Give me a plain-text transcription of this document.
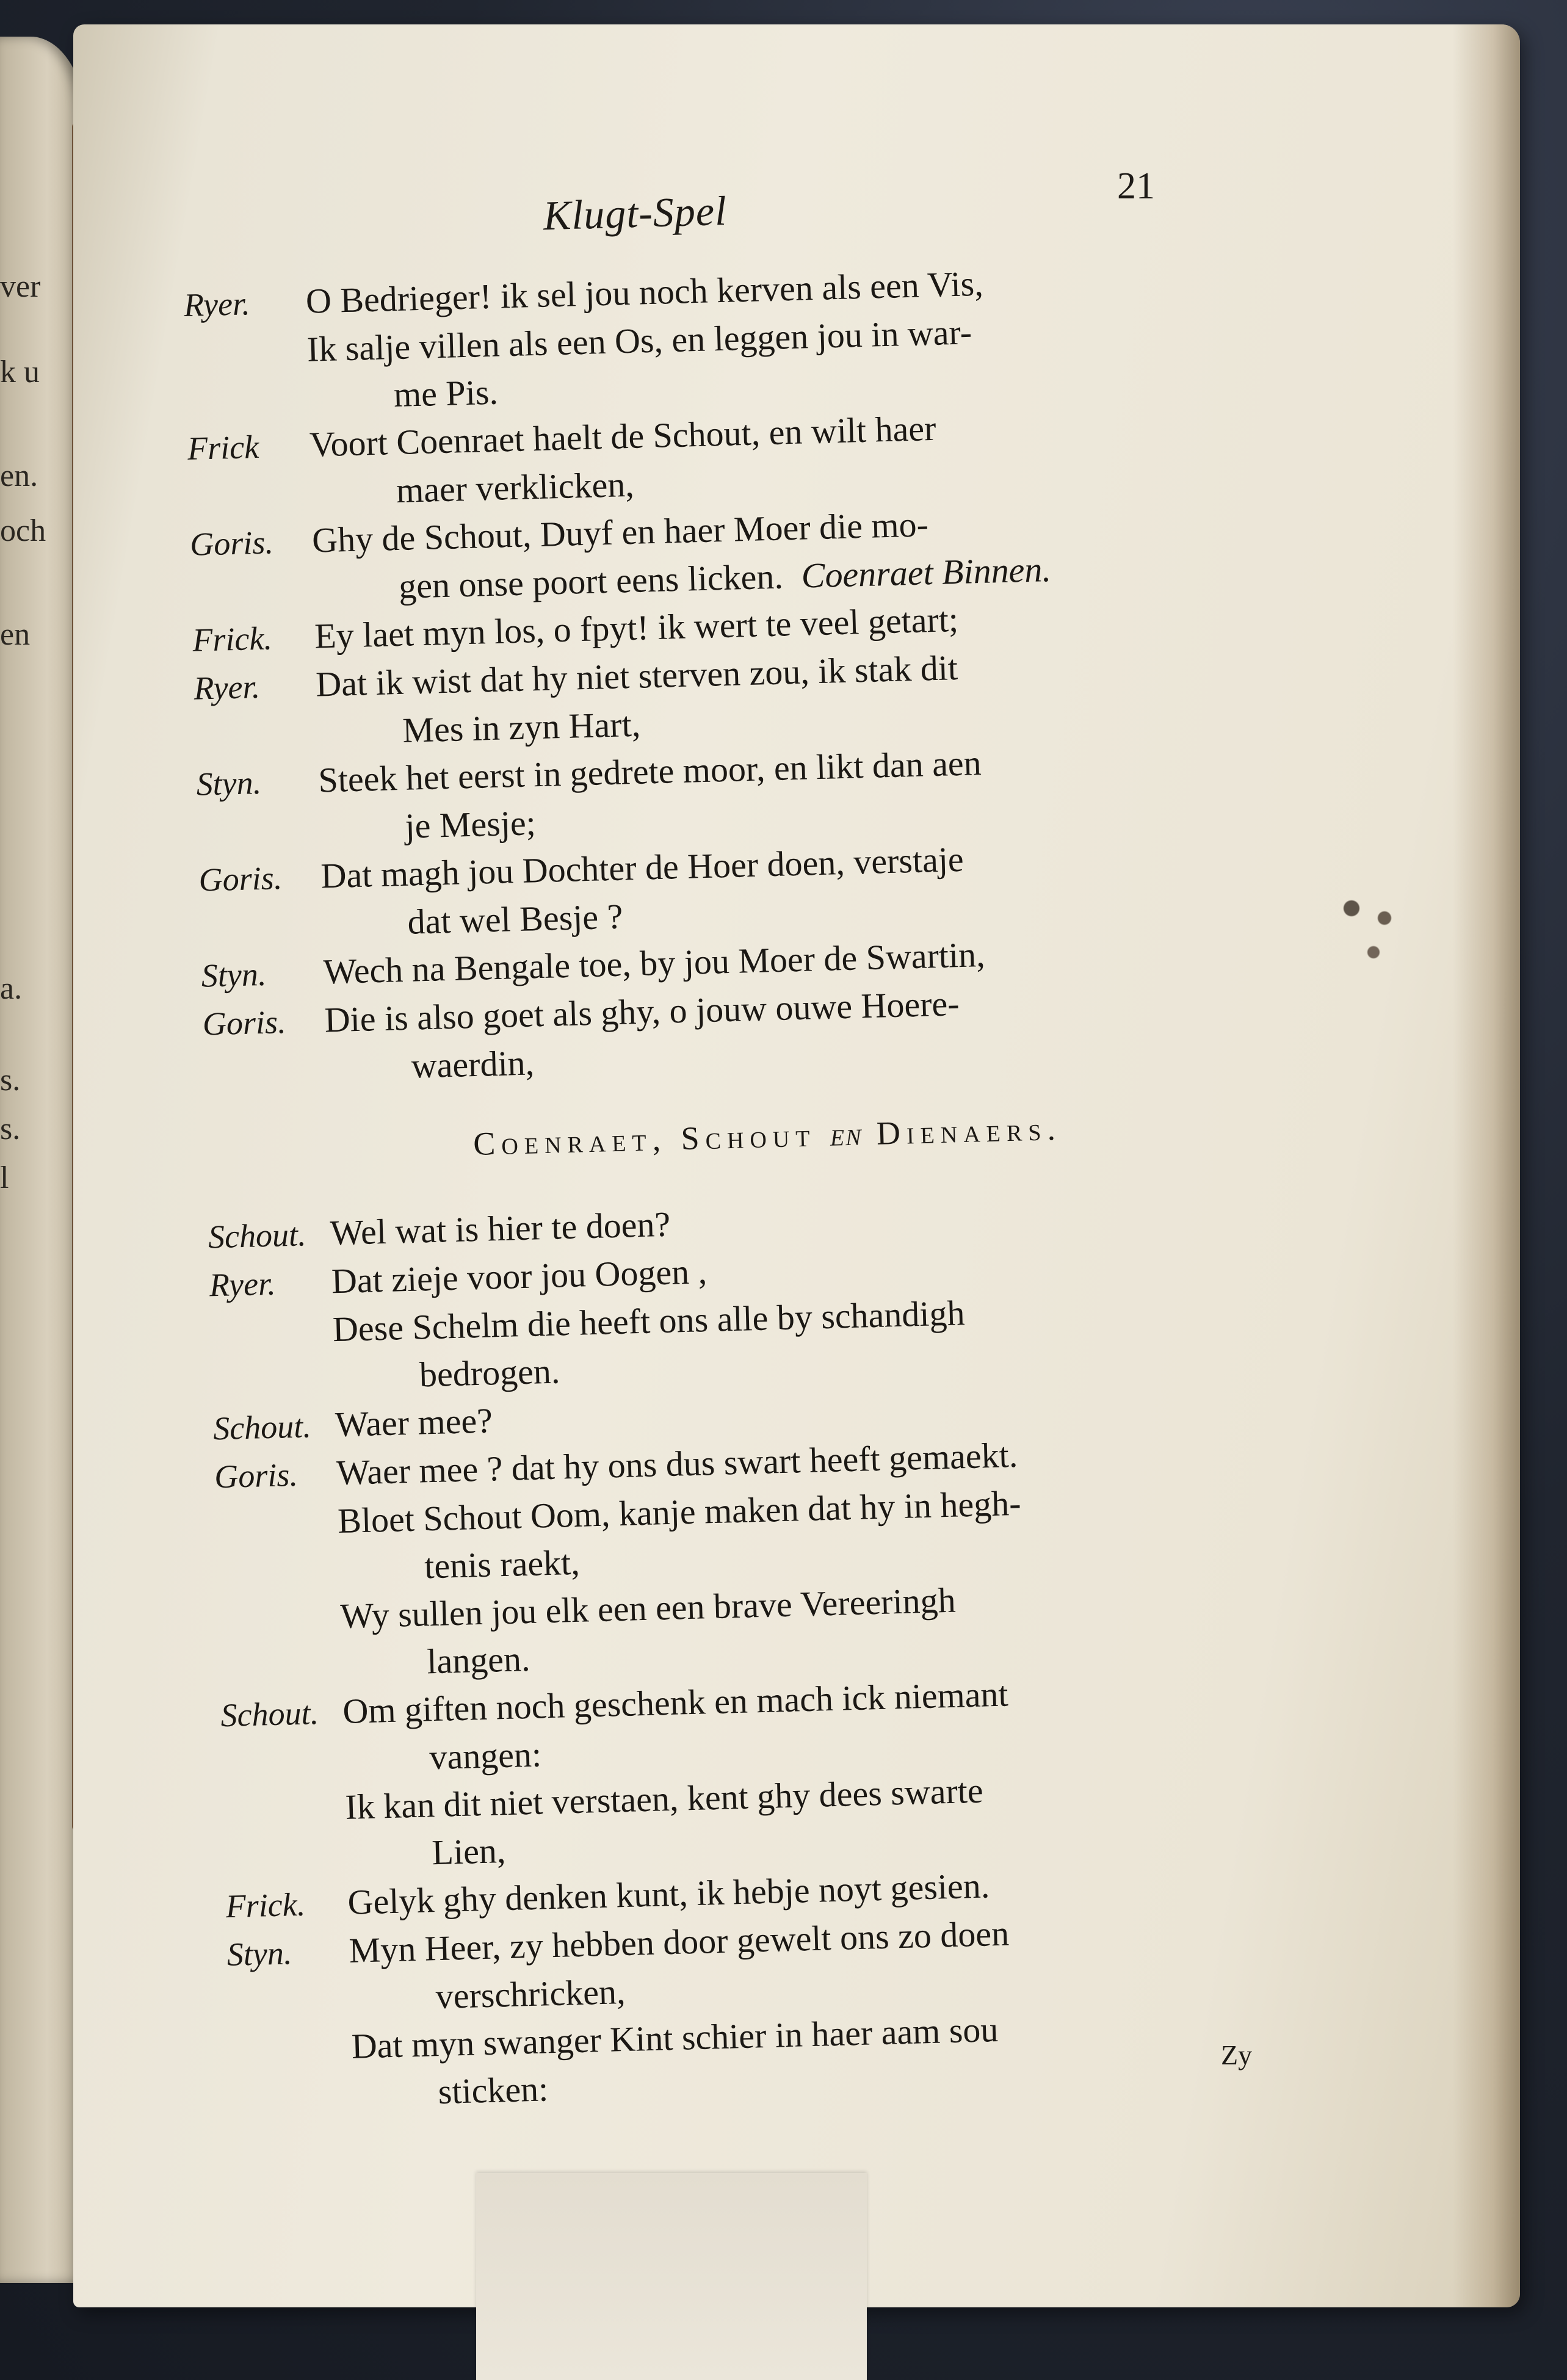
ver
k u
en.
och
en
a.
s.
s.
l
Klugt-Spel
21
Ryer.	O Bedrieger! ik sel jou noch kerven als een Vis,
Ik salje villen als een Os, en leggen jou in war-
me Pis.
Frick	Voort Coenraet haelt de Schout, en wilt haer
maer verklicken,
Goris.	Ghy de Schout, Duyf en haer Moer die mo-
gen onse poort eens licken. Coenraet Binnen.
Frick.	Ey laet myn los, o fpyt! ik wert te veel getart;
Ryer.	Dat ik wist dat hy niet sterven zou, ik stak dit
Mes in zyn Hart,
Styn.	Steek het eerst in gedrete moor, en likt dan aen
je Mesje;
Goris.	Dat magh jou Dochter de Hoer doen, verstaje
dat wel Besje ?
Styn.	Wech na Bengale toe, by jou Moer de Swartin,
Goris.	Die is also goet als ghy, o jouw ouwe Hoere-
waerdin,
Coenraet, Schout en Dienaers.
Schout. Wel wat is hier te doen?
Ryer.	Dat zieje voor jou Oogen ,
Dese Schelm die heeft ons alle by schandigh
bedrogen.
Schout. Waer mee?
Goris.	Waer mee ? dat hy ons dus swart heeft gemaekt.
Bloet Schout Oom, kanje maken dat hy in hegh-
tenis raekt,
Wy sullen jou elk een een brave Vereeringh
langen.
Schout. Om giften noch geschenk en mach ick niemant
vangen:
Ik kan dit niet verstaen, kent ghy dees swarte
Lien,
Frick.	Gelyk ghy denken kunt, ik hebje noyt gesien.
Styn.	Myn Heer, zy hebben door gewelt ons zo doen
verschricken,
Dat myn swanger Kint schier in haer aam sou
sticken:
Zy
